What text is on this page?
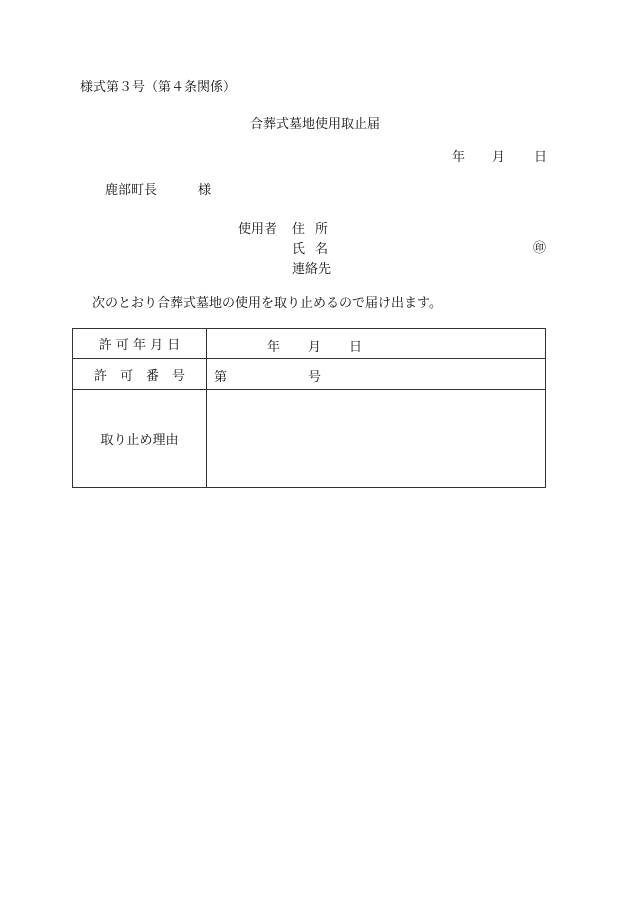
様式第３号（第４条関係）
合葬式墓地使用取止届
年 月 日
鹿部町長	様
使用者 住所
氏名
連絡先
㊞
次のとおり合葬式墓地の使用を取り止めるので届け出ます。
許 可 年 月 日	年 月 日

許　可　番　号	第 号

取り止め理由	
